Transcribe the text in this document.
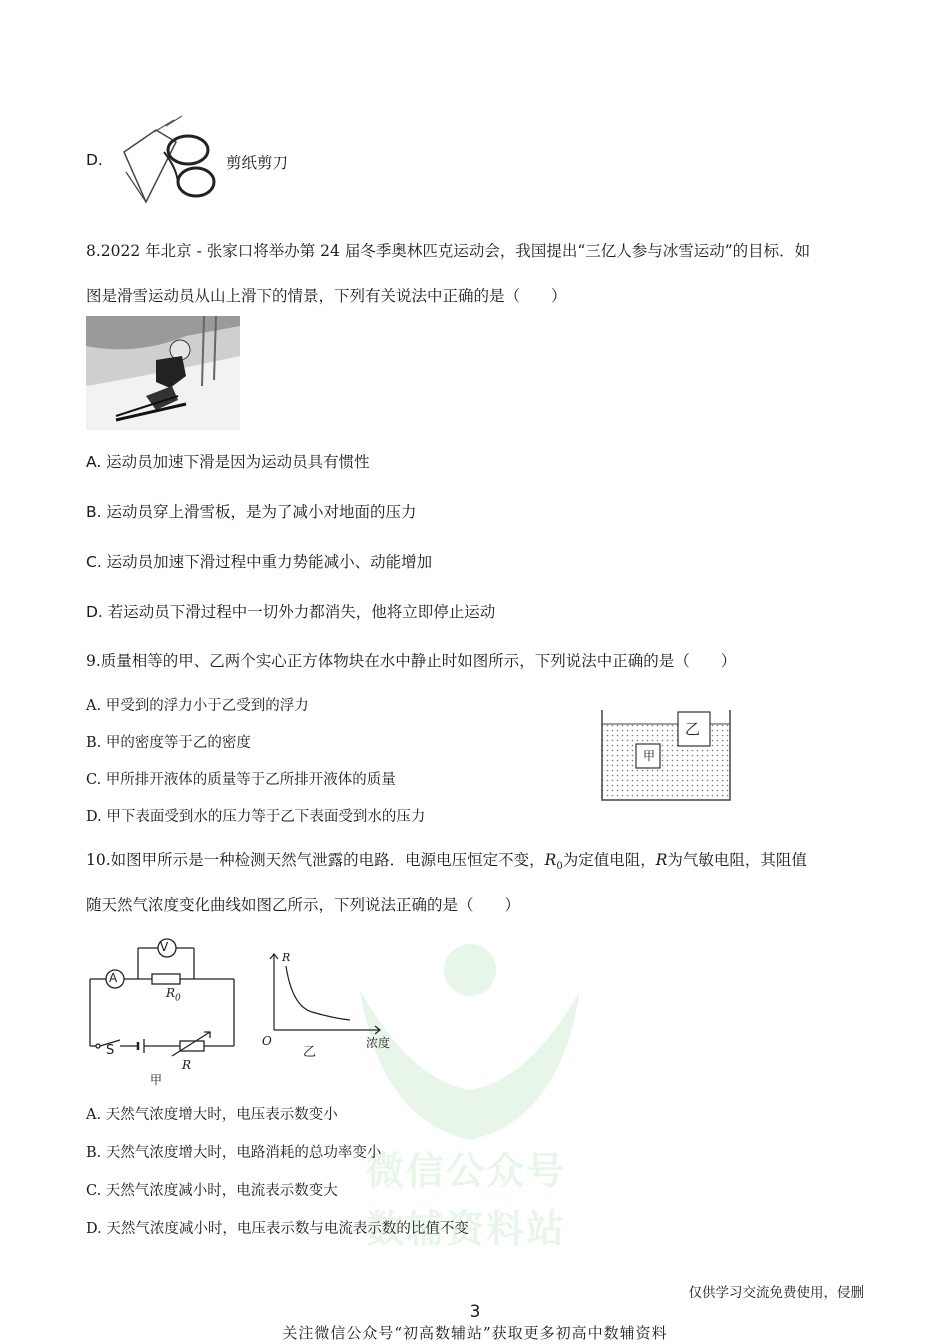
微信公众号
数辅资料站
D.	剪纸剪刀
8.2022 年北京 - 张家口将举办第 24 届冬季奥林匹克运动会，我国提出“三亿人参与冰雪运动”的目标．如
图是滑雪运动员从山上滑下的情景，下列有关说法中正确的是（　　）
A. 运动员加速下滑是因为运动员具有惯性
B. 运动员穿上滑雪板，是为了减小对地面的压力
C. 运动员加速下滑过程中重力势能减小、动能增加
D. 若运动员下滑过程中一切外力都消失，他将立即停止运动
9.质量相等的甲、乙两个实心正方体物块在水中静止时如图所示，下列说法中正确的是（　　）
A. 甲受到的浮力小于乙受到的浮力
B. 甲的密度等于乙的密度
C. 甲所排开液体的质量等于乙所排开液体的质量
D. 甲下表面受到水的压力等于乙下表面受到水的压力
甲
乙
10.如图甲所示是一种检测天然气泄露的电路．电源电压恒定不变，$R_0$为定值电阻，R为气敏电阻，其阻值
随天然气浓度变化曲线如图乙所示，下列说法正确的是（　　）
V
A
$R_0$
S
R
甲
R
O	浓度
乙
A. 天然气浓度增大时，电压表示数变小
B. 天然气浓度增大时，电路消耗的总功率变小
C. 天然气浓度减小时，电流表示数变大
D. 天然气浓度减小时，电压表示数与电流表示数的比值不变
仅供学习交流免费使用，侵删
3
关注微信公众号“初高数辅站”获取更多初高中数辅资料
